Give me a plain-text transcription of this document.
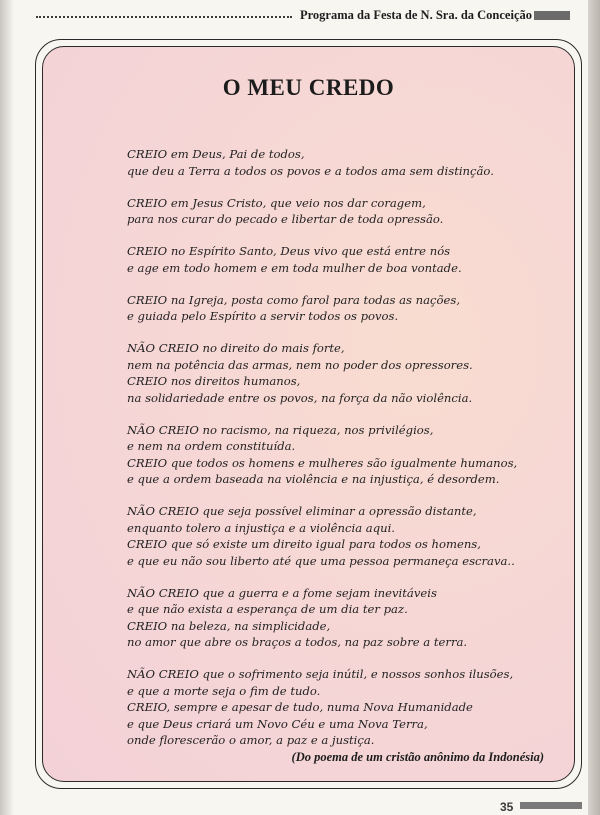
Programa da Festa de N. Sra. da Conceição
O MEU CREDO

CREIO em Deus, Pai de todos,
que deu a Terra a todos os povos e a todos ama sem distinção.

CREIO em Jesus Cristo, que veio nos dar coragem,
para nos curar do pecado e libertar de toda opressão.

CREIO no Espírito Santo, Deus vivo que está entre nós
e age em todo homem e em toda mulher de boa vontade.

CREIO na Igreja, posta como farol para todas as nações,
e guiada pelo Espírito a servir todos os povos.

NÃO CREIO no direito do mais forte,
nem na potência das armas, nem no poder dos opressores.
CREIO nos direitos humanos,
na solidariedade entre os povos, na força da não violência.

NÃO CREIO no racismo, na riqueza, nos privilégios,
e nem na ordem constituída.
CREIO que todos os homens e mulheres são igualmente humanos,
e que a ordem baseada na violência e na injustiça, é desordem.

NÃO CREIO que seja possível eliminar a opressão distante,
enquanto tolero a injustiça e a violência aqui.
CREIO que só existe um direito igual para todos os homens,
e que eu não sou liberto até que uma pessoa permaneça escrava..

NÃO CREIO que a guerra e a fome sejam inevitáveis
e que não exista a esperança de um dia ter paz.
CREIO na beleza, na simplicidade,
no amor que abre os braços a todos, na paz sobre a terra.

NÃO CREIO que o sofrimento seja inútil, e nossos sonhos ilusões,
e que a morte seja o fim de tudo.
CREIO, sempre e apesar de tudo, numa Nova Humanidade
e que Deus criará um Novo Céu e uma Nova Terra,
onde florescerão o amor, a paz e a justiça.

(Do poema de um cristão anônimo da Indonésia)
35
